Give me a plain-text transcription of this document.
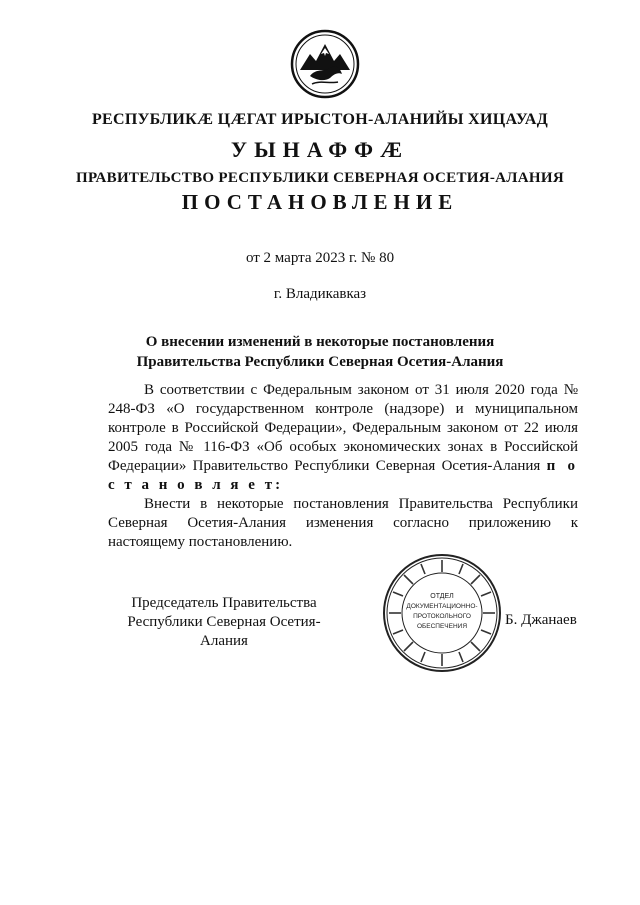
РЕСПУБЛИКÆ ЦÆГАТ ИРЫСТОН-АЛАНИЙЫ ХИЦАУАД
УЫНАФФÆ
ПРАВИТЕЛЬСТВО РЕСПУБЛИКИ СЕВЕРНАЯ ОСЕТИЯ-АЛАНИЯ
ПОСТАНОВЛЕНИЕ
от 2 марта 2023 г. № 80
г. Владикавказ
О внесении изменений в некоторые постановления
Правительства Республики Северная Осетия-Алания

В соответствии с Федеральным законом от 31 июля 2020 года № 248-ФЗ «О государственном контроле (надзоре) и муниципальном контроле в Российской Федерации», Федеральным законом от 22 июля 2005 года № 116-ФЗ «Об особых экономических зонах в Российской Федерации» Правительство Республики Северная Осетия-Алания п о с т а н о в л я е т:

Внести в некоторые постановления Правительства Республики Северная Осетия-Алания изменения согласно приложению к настоящему постановлению.

Председатель Правительства
Республики Северная Осетия-Алания
ОТДЕЛ
ДОКУМЕНТАЦИОННО-
ПРОТОКОЛЬНОГО
ОБЕСПЕЧЕНИЯ	Б. Джанаев
